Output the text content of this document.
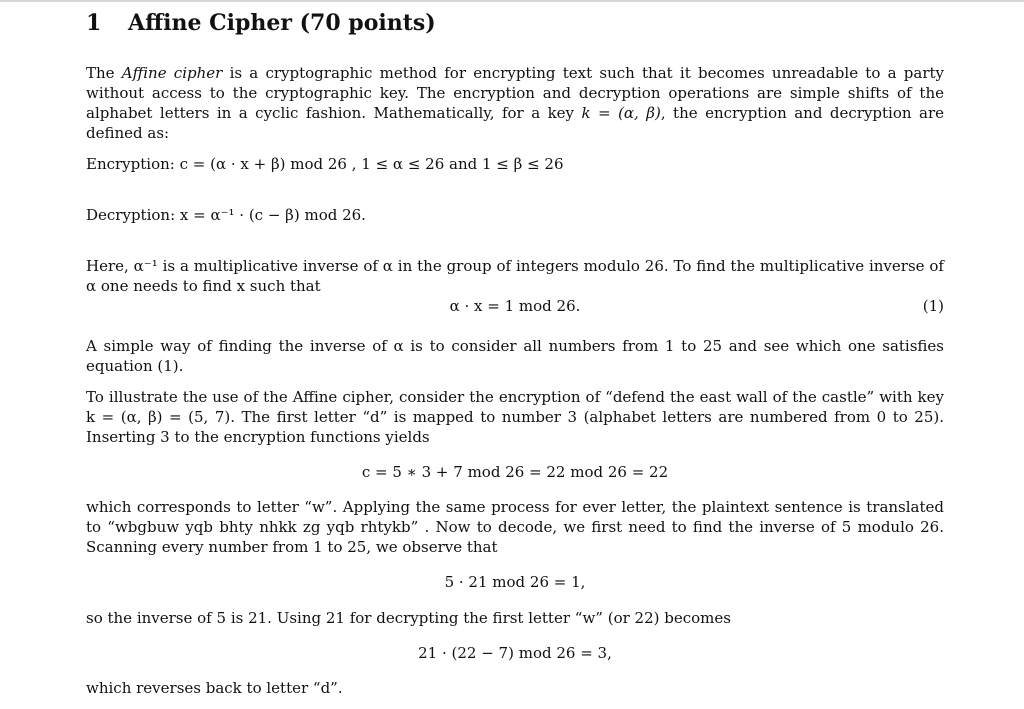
1 Affine Cipher (70 points)

The Affine cipher is a cryptographic method for encrypting text such that it becomes unreadable to a party without access to the cryptographic key. The encryption and decryption operations are simple shifts of the alphabet letters in a cyclic fashion. Mathematically, for a key k = (α, β), the encryption and decryption are defined as:

Encryption: c = (α · x + β) mod 26 , 1 ≤ α ≤ 26 and 1 ≤ β ≤ 26

Decryption: x = α⁻¹ · (c − β) mod 26.

Here, α⁻¹ is a multiplicative inverse of α in the group of integers modulo 26. To find the multiplicative inverse of α one needs to find x such that

α · x = 1 mod 26.	(1)

A simple way of finding the inverse of α is to consider all numbers from 1 to 25 and see which one satisfies equation (1).

To illustrate the use of the Affine cipher, consider the encryption of “defend the east wall of the castle” with key k = (α, β) = (5, 7). The first letter “d” is mapped to number 3 (alphabet letters are numbered from 0 to 25). Inserting 3 to the encryption functions yields

c = 5 ∗ 3 + 7 mod 26 = 22 mod 26 = 22

which corresponds to letter “w”. Applying the same process for ever letter, the plaintext sentence is translated to “wbgbuw yqb bhty nhkk zg yqb rhtykb” . Now to decode, we first need to find the inverse of 5 modulo 26. Scanning every number from 1 to 25, we observe that

5 · 21 mod 26 = 1,

so the inverse of 5 is 21. Using 21 for decrypting the first letter “w” (or 22) becomes

21 · (22 − 7) mod 26 = 3,

which reverses back to letter “d”.
